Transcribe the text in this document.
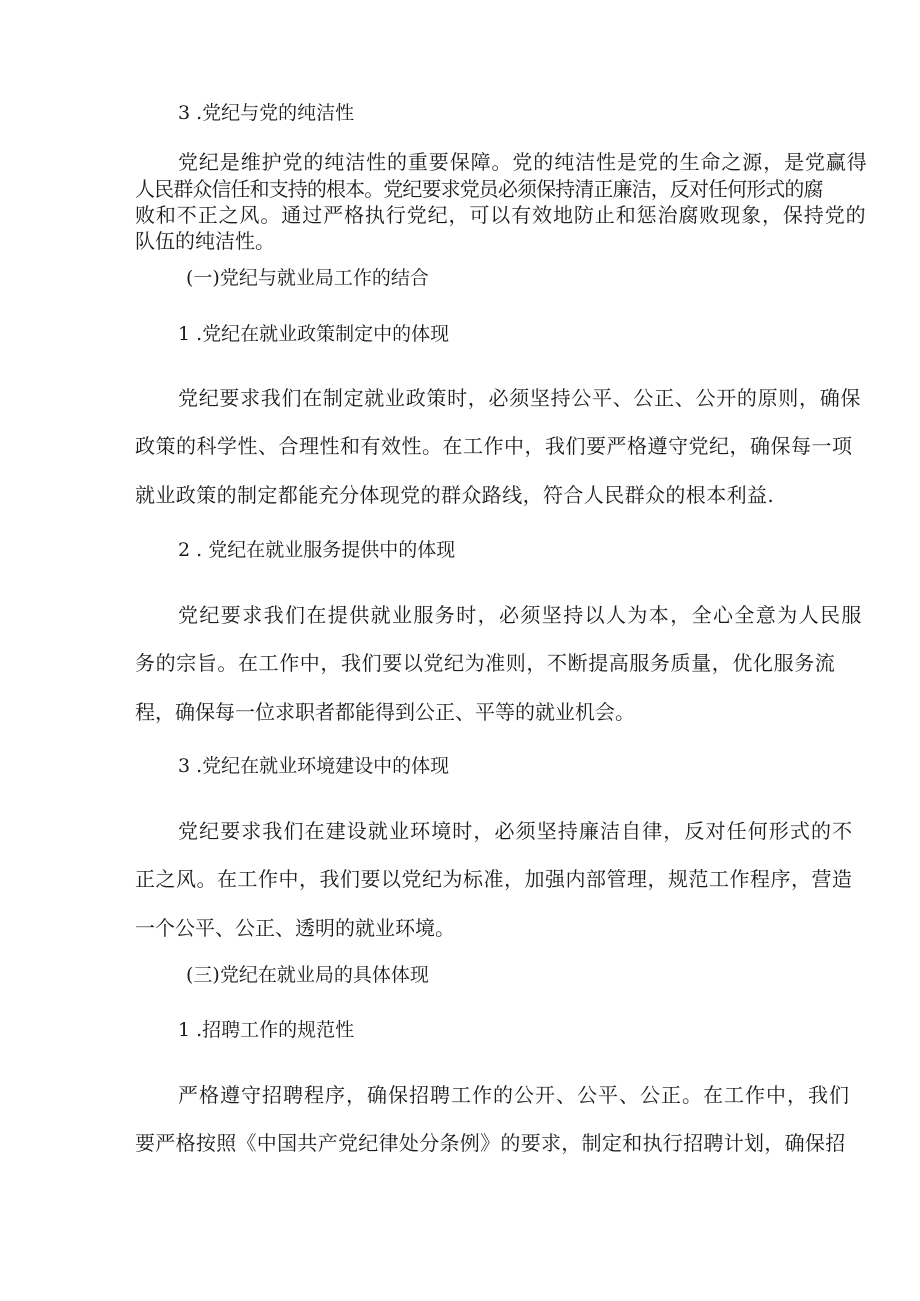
3 .党纪与党的纯洁性
党纪是维护党的纯洁性的重要保障。党的纯洁性是党的生命之源，是党赢得
人民群众信任和支持的根本。党纪要求党员必须保持清正廉洁，反对任何形式的腐
败和不正之风。通过严格执行党纪，可以有效地防止和惩治腐败现象，保持党的
队伍的纯洁性。
(一)党纪与就业局工作的结合
1 .党纪在就业政策制定中的体现
党纪要求我们在制定就业政策时，必须坚持公平、公正、公开的原则，确保
政策的科学性、合理性和有效性。在工作中，我们要严格遵守党纪，确保每一项
就业政策的制定都能充分体现党的群众路线，符合人民群众的根本利益.
2 . 党纪在就业服务提供中的体现
党纪要求我们在提供就业服务时，必须坚持以人为本，全心全意为人民服
务的宗旨。在工作中，我们要以党纪为准则，不断提高服务质量，优化服务流
程，确保每一位求职者都能得到公正、平等的就业机会。
3 .党纪在就业环境建设中的体现
党纪要求我们在建设就业环境时，必须坚持廉洁自律，反对任何形式的不
正之风。在工作中，我们要以党纪为标准，加强内部管理，规范工作程序，营造
一个公平、公正、透明的就业环境。
(三)党纪在就业局的具体体现
1 .招聘工作的规范性
严格遵守招聘程序，确保招聘工作的公开、公平、公正。在工作中，我们
要严格按照《中国共产党纪律处分条例》的要求，制定和执行招聘计划，确保招
